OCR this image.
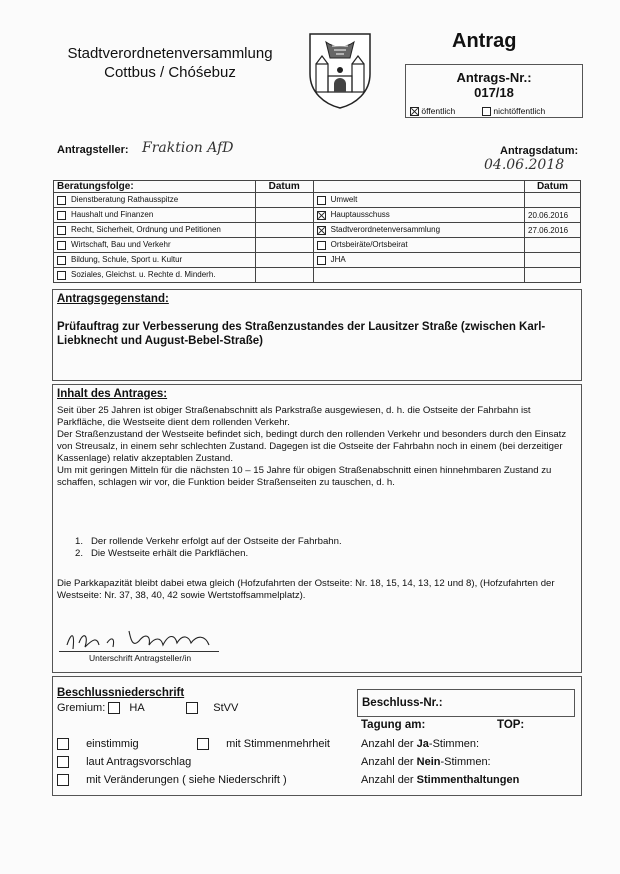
Stadtverordnetenversammlung
Cottbus / Chóśebuz
Antrag
Antrags-Nr.:
017/18
öffentlich	nichtöffentlich
Antragsteller: Fraktion AfD	Antragsdatum:
04.06.2018
Beratungsfolge:	Datum		Datum
Dienstberatung Rathausspitze		Umwelt	
Haushalt und Finanzen		Hauptausschuss	20.06.2016
Recht, Sicherheit, Ordnung und Petitionen		Stadtverordnetenversammlung	27.06.2016
Wirtschaft, Bau und Verkehr		Ortsbeiräte/Ortsbeirat	
Bildung, Schule, Sport u. Kultur		JHA	
Soziales, Gleichst. u. Rechte d. Minderh.			
Antragsgegenstand:
Prüfauftrag zur Verbesserung des Straßenzustandes der Lausitzer Straße (zwischen Karl-Liebknecht und August-Bebel-Straße)
Inhalt des Antrages:
Seit über 25 Jahren ist obiger Straßenabschnitt als Parkstraße ausgewiesen, d. h. die Ostseite der Fahrbahn ist Parkfläche, die Westseite dient dem rollenden Verkehr.
Der Straßenzustand der Westseite befindet sich, bedingt durch den rollenden Verkehr und besonders durch den Einsatz von Streusalz, in einem sehr schlechten Zustand. Dagegen ist die Ostseite der Fahrbahn noch in einem (bei derzeitiger Kassenlage) relativ akzeptablen Zustand.
Um mit geringen Mitteln für die nächsten 10 – 15 Jahre für obigen Straßenabschnitt einen hinnehmbaren Zustand zu schaffen, schlagen wir vor, die Funktion beider Straßenseiten zu tauschen, d. h.
1. Der rollende Verkehr erfolgt auf der Ostseite der Fahrbahn.
2. Die Westseite erhält die Parkflächen.
Die Parkkapazität bleibt dabei etwa gleich (Hofzufahrten der Ostseite: Nr. 18, 15, 14, 13, 12 und 8), (Hofzufahrten der Westseite: Nr. 37, 38, 40, 42 sowie Wertstoffsammelplatz).
Unterschrift Antragsteller/in
Beschlussniederschrift
Gremium: HA	StVV
einstimmig	mit Stimmenmehrheit
laut Antragsvorschlag
mit Veränderungen ( siehe Niederschrift )
Beschluss-Nr.:
Tagung am:	TOP:
Anzahl der Ja-Stimmen:
Anzahl der Nein-Stimmen:
Anzahl der Stimmenthaltungen
